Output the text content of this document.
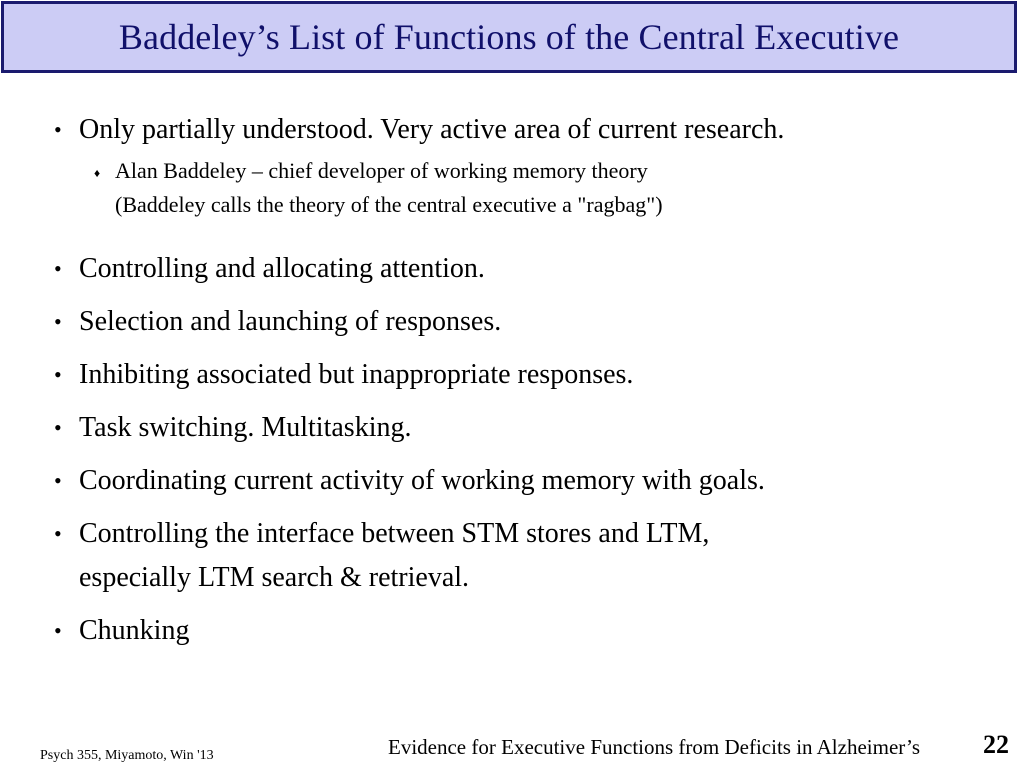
Baddeley’s List of Functions of the Central Executive
• Only partially understood. Very active area of current research.
♦ Alan Baddeley – chief developer of working memory theory
(Baddeley calls the theory of the central executive a "ragbag")
• Controlling and allocating attention.
• Selection and launching of responses.
• Inhibiting associated but inappropriate responses.
• Task switching. Multitasking.
• Coordinating current activity of working memory with goals.
• Controlling the interface between STM stores and LTM,
especially LTM search & retrieval.
• Chunking
Psych 355, Miyamoto, Win '13	Evidence for Executive Functions from Deficits in Alzheimer’s 22
